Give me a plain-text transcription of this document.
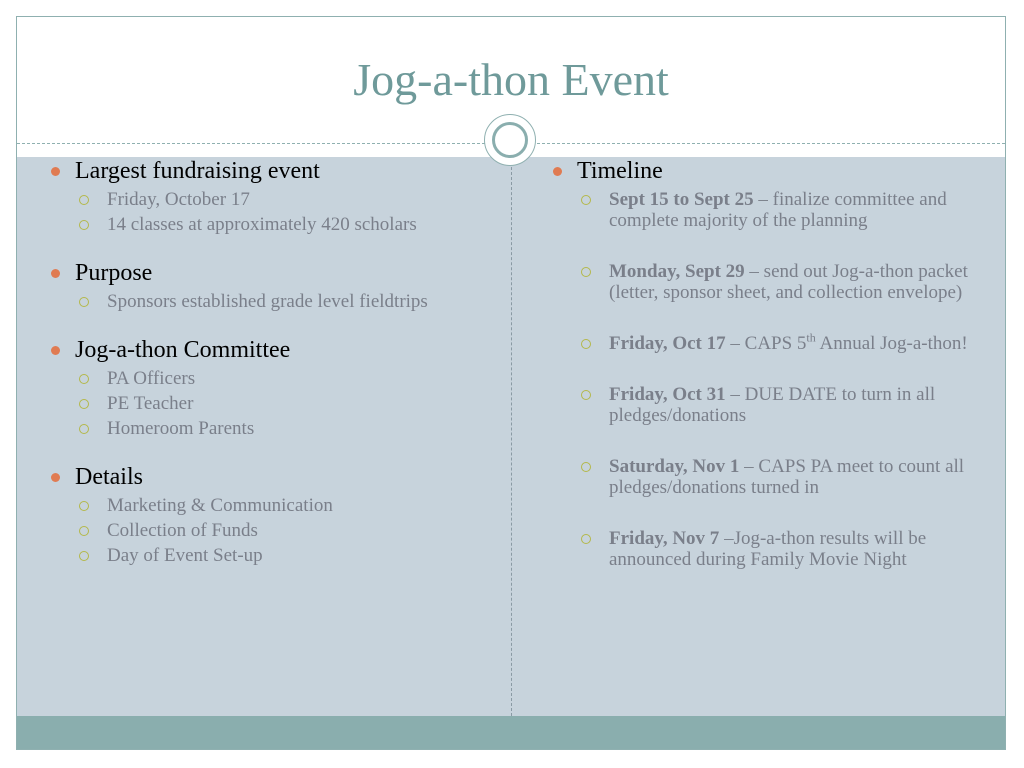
Jog-a-thon Event
Largest fundraising event
Friday, October 17
14 classes at approximately 420 scholars
Purpose
Sponsors established grade level fieldtrips
Jog-a-thon Committee
PA Officers
PE Teacher
Homeroom Parents
Details
Marketing & Communication
Collection of Funds
Day of Event Set-up
Timeline
Sept 15 to Sept 25 – finalize committee and complete majority of the planning
Monday, Sept 29 – send out Jog-a-thon packet (letter, sponsor sheet, and collection envelope)
Friday, Oct 17 – CAPS 5th Annual Jog-a-thon!
Friday, Oct 31 – DUE DATE to turn in all pledges/donations
Saturday, Nov 1 – CAPS PA meet to count all pledges/donations turned in
Friday, Nov 7 –Jog-a-thon results will be announced during Family Movie Night
